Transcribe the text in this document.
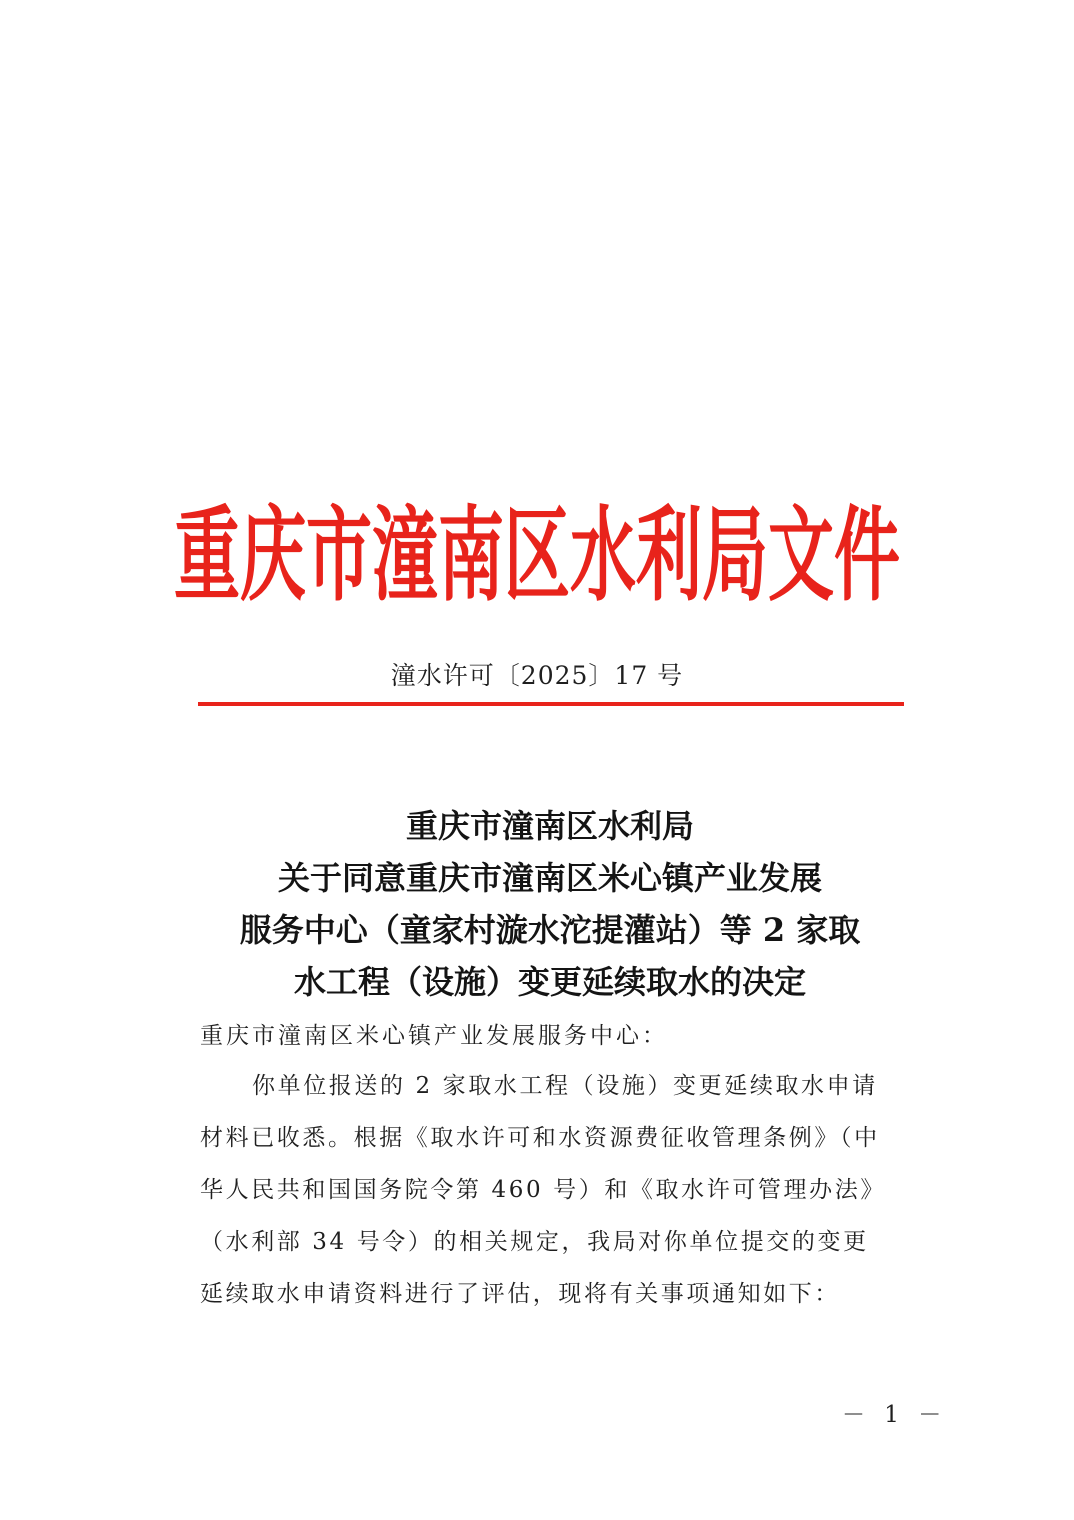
重庆市潼南区水利局文件
潼水许可〔2025〕17 号
重庆市潼南区水利局
关于同意重庆市潼南区米心镇产业发展
服务中心（童家村漩水沱提灌站）等 2 家取
水工程（设施）变更延续取水的决定
重庆市潼南区米心镇产业发展服务中心：
你单位报送的 2 家取水工程（设施）变更延续取水申请
材料已收悉。根据《取水许可和水资源费征收管理条例》（中
华人民共和国国务院令第 460 号）和《取水许可管理办法》
（水利部 34 号令）的相关规定，我局对你单位提交的变更
延续取水申请资料进行了评估，现将有关事项通知如下：
－ 1 －
